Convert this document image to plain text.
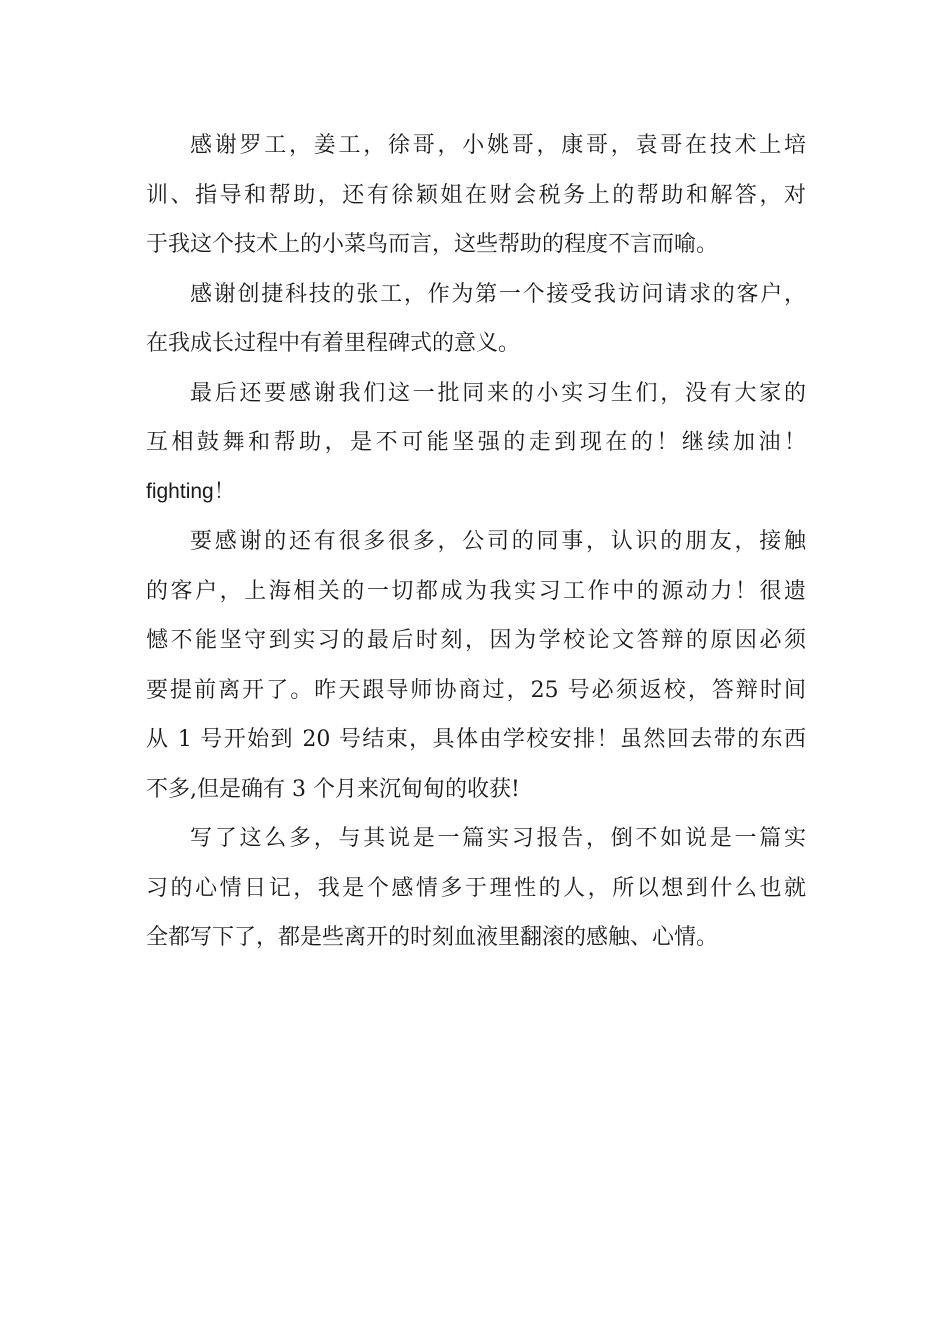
感谢罗工，姜工，徐哥，小姚哥，康哥，袁哥在技术上培
训、指导和帮助，还有徐颖姐在财会税务上的帮助和解答，对
于我这个技术上的小菜鸟而言，这些帮助的程度不言而喻。
感谢创捷科技的张工，作为第一个接受我访问请求的客户，
在我成长过程中有着里程碑式的意义。
最后还要感谢我们这一批同来的小实习生们，没有大家的
互相鼓舞和帮助，是不可能坚强的走到现在的！继续加油！
fighting！
要感谢的还有很多很多，公司的同事，认识的朋友，接触
的客户，上海相关的一切都成为我实习工作中的源动力！很遗
憾不能坚守到实习的最后时刻，因为学校论文答辩的原因必须
要提前离开了。昨天跟导师协商过，25 号必须返校，答辩时间
从 1 号开始到 20 号结束，具体由学校安排！虽然回去带的东西
不多,但是确有 3 个月来沉甸甸的收获!
写了这么多，与其说是一篇实习报告，倒不如说是一篇实
习的心情日记，我是个感情多于理性的人，所以想到什么也就
全都写下了，都是些离开的时刻血液里翻滚的感触、心情。
